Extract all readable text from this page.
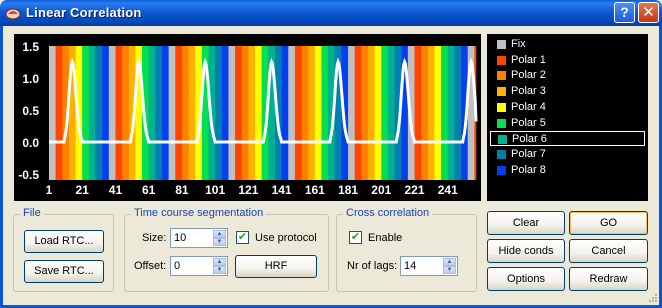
Linear Correlation	? ✕
1.5
1.0
0.5
0.0
-0.5
1 21 41 61 81 101 121 141 161 181 201 221 241
Fix
Polar 1
Polar 2
Polar 3
Polar 4
Polar 5
Polar 6
Polar 7
Polar 8
File
Load RTC...
Save RTC...
Time course segmentation
Size: 10	▲
▼	✔ Use protocol
Offset: 0	▲
▼	HRF
Cross correlation
✔ Enable
Nr of lags: 14	▲
▼
Clear	GO
Hide conds	Cancel
Options	Redraw
